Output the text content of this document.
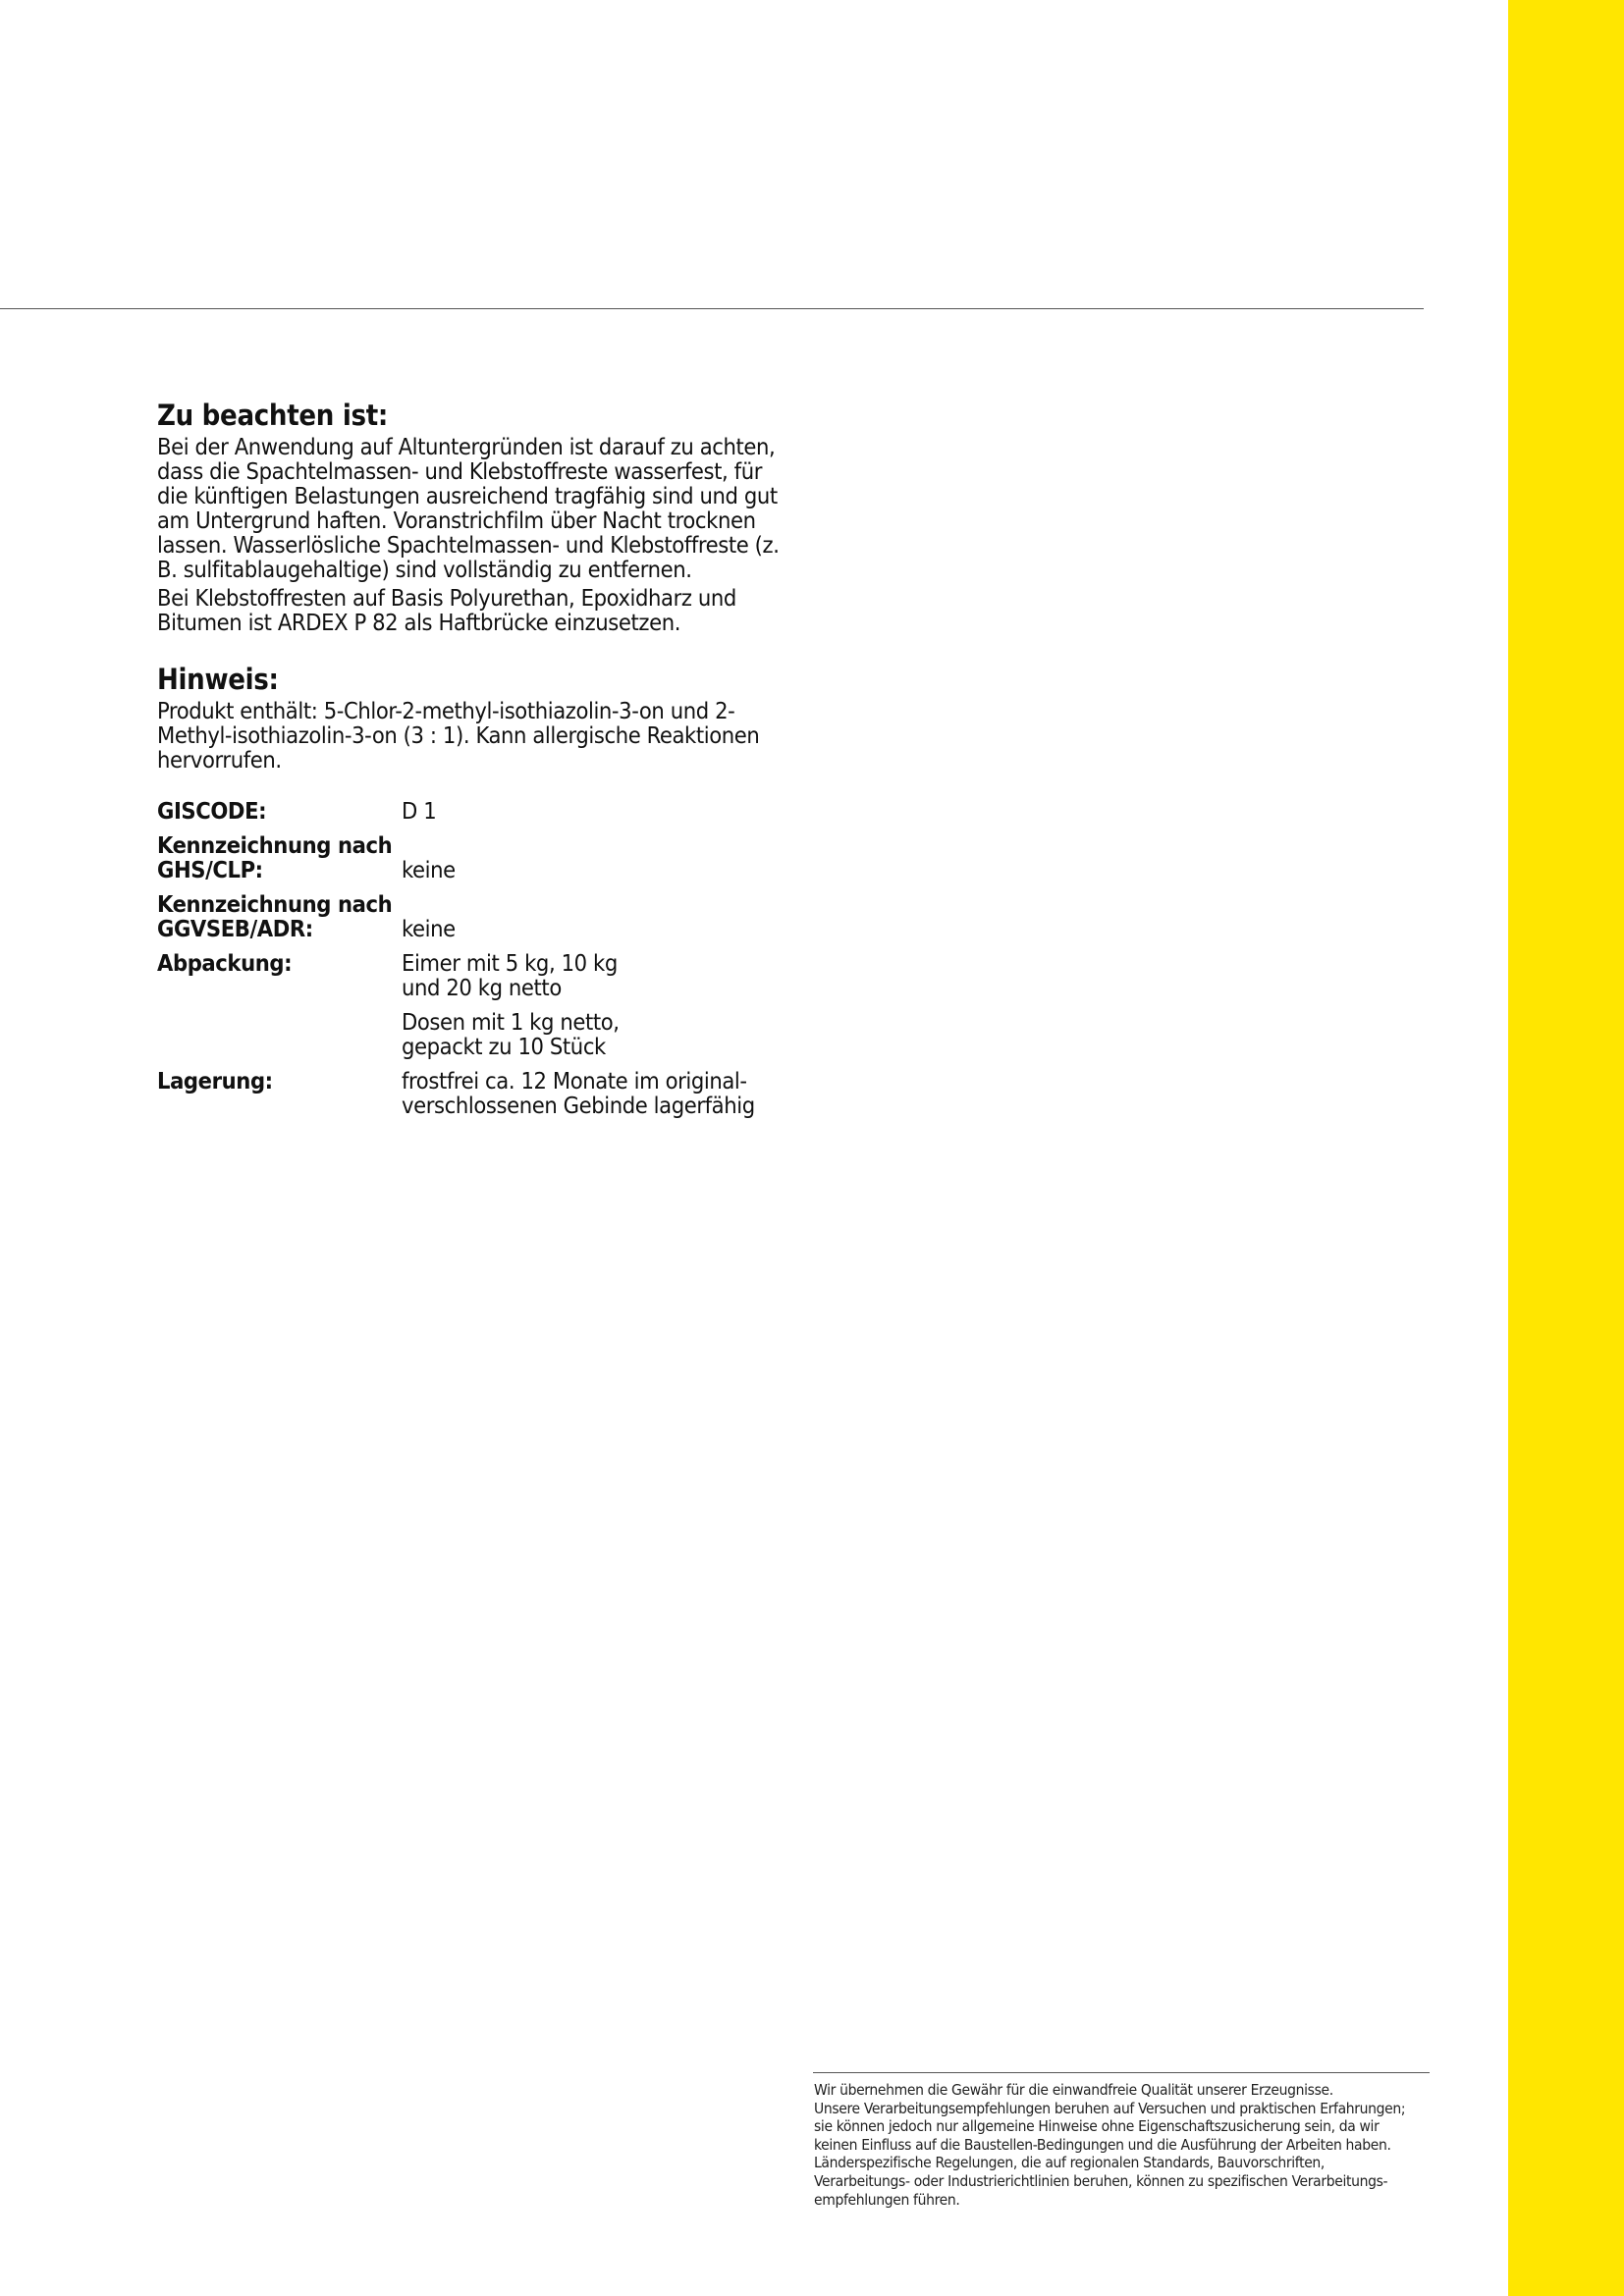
Zu beachten ist:

Bei der Anwendung auf Altuntergründen ist darauf zu achten, dass die Spachtelmassen- und Klebstoffreste wasserfest, für die künftigen Belastungen ausreichend tragfähig sind und gut am Untergrund haften. Voranstrichfilm über Nacht trocknen lassen. Wasserlösliche Spachtelmassen- und Klebstoffreste (z. B. sulfitablaugehaltige) sind vollständig zu entfernen.

Bei Klebstoffresten auf Basis Polyurethan, Epoxidharz und Bitumen ist ARDEX P 82 als Haftbrücke einzusetzen.

Hinweis:

Produkt enthält: 5-Chlor-2-methyl-isothiazolin-3-on und 2-Methyl-isothiazolin-3-on (3 : 1). Kann allergische Reaktionen hervorrufen.

GISCODE:	D 1
Kennzeichnung nach
GHS/CLP:	keine
Kennzeichnung nach
GGVSEB/ADR:	keine
Abpackung:	Eimer mit 5 kg, 10 kg
und 20 kg netto
Dosen mit 1 kg netto,
gepackt zu 10 Stück
Lagerung:	frostfrei ca. 12 Monate im original-
verschlossenen Gebinde lagerfähig
Wir übernehmen die Gewähr für die einwandfreie Qualität unserer Erzeugnisse.
Unsere Verarbeitungsempfehlungen beruhen auf Versuchen und praktischen Erfahrungen;
sie können jedoch nur allgemeine Hinweise ohne Eigenschaftszusicherung sein, da wir
keinen Einfluss auf die Baustellen-Bedingungen und die Ausführung der Arbeiten haben.
Länderspezifische Regelungen, die auf regionalen Standards, Bauvorschriften,
Verarbeitungs- oder Industrierichtlinien beruhen, können zu spezifischen Verarbeitungs-
empfehlungen führen.
